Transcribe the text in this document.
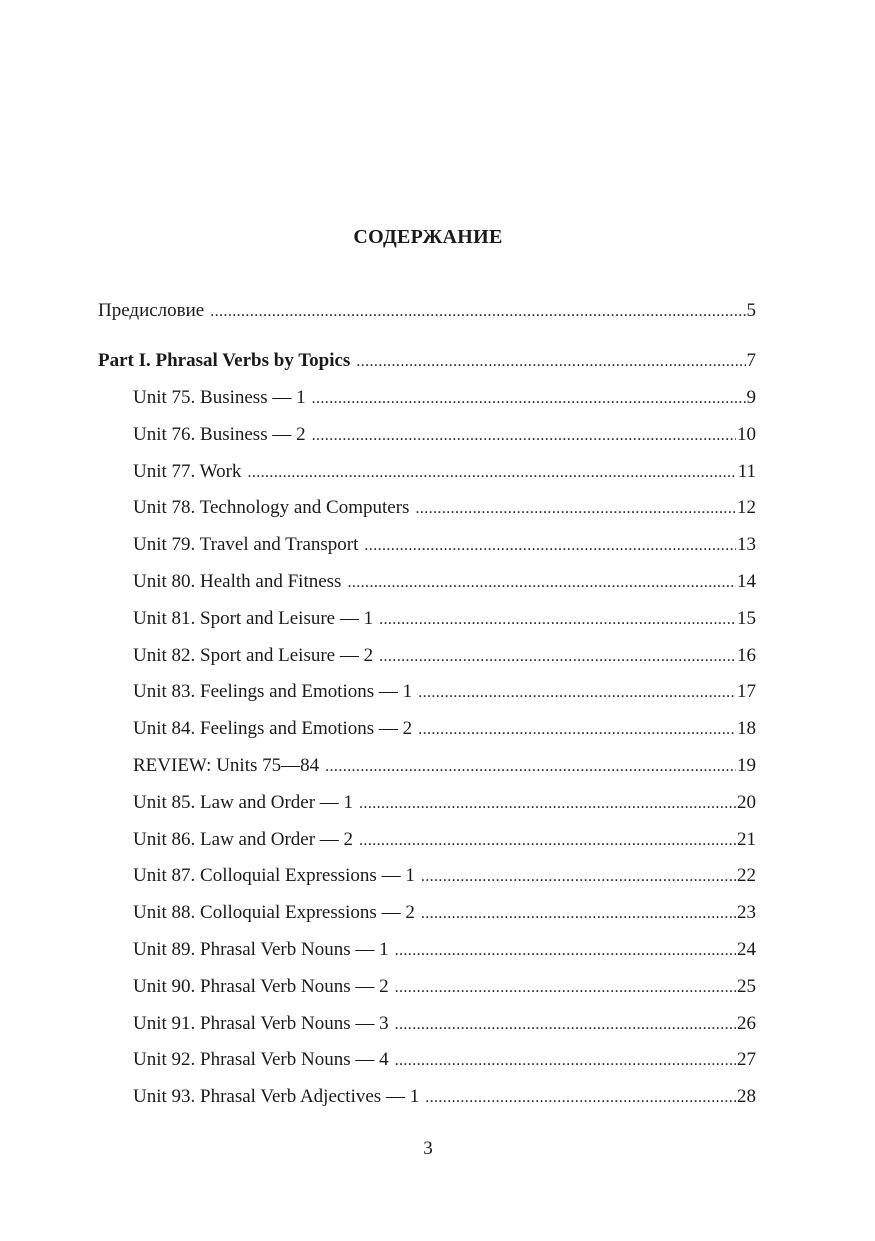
СОДЕРЖАНИЕ
Предисловие .....	5
Part I. Phrasal Verbs by Topics .....	7
Unit 75. Business — 1 .....	9
Unit 76. Business — 2 .....	10
Unit 77. Work .....	11
Unit 78. Technology and Computers .....	12
Unit 79. Travel and Transport .....	13
Unit 80. Health and Fitness .....	14
Unit 81. Sport and Leisure — 1 .....	15
Unit 82. Sport and Leisure — 2 .....	16
Unit 83. Feelings and Emotions — 1 .....	17
Unit 84. Feelings and Emotions — 2 .....	18
REVIEW: Units 75—84 .....	19
Unit 85. Law and Order — 1 .....	20
Unit 86. Law and Order — 2 .....	21
Unit 87. Colloquial Expressions — 1 .....	22
Unit 88. Colloquial Expressions — 2 .....	23
Unit 89. Phrasal Verb Nouns — 1 .....	24
Unit 90. Phrasal Verb Nouns — 2 .....	25
Unit 91. Phrasal Verb Nouns — 3 .....	26
Unit 92. Phrasal Verb Nouns — 4 .....	27
Unit 93. Phrasal Verb Adjectives — 1 .....	28
3
